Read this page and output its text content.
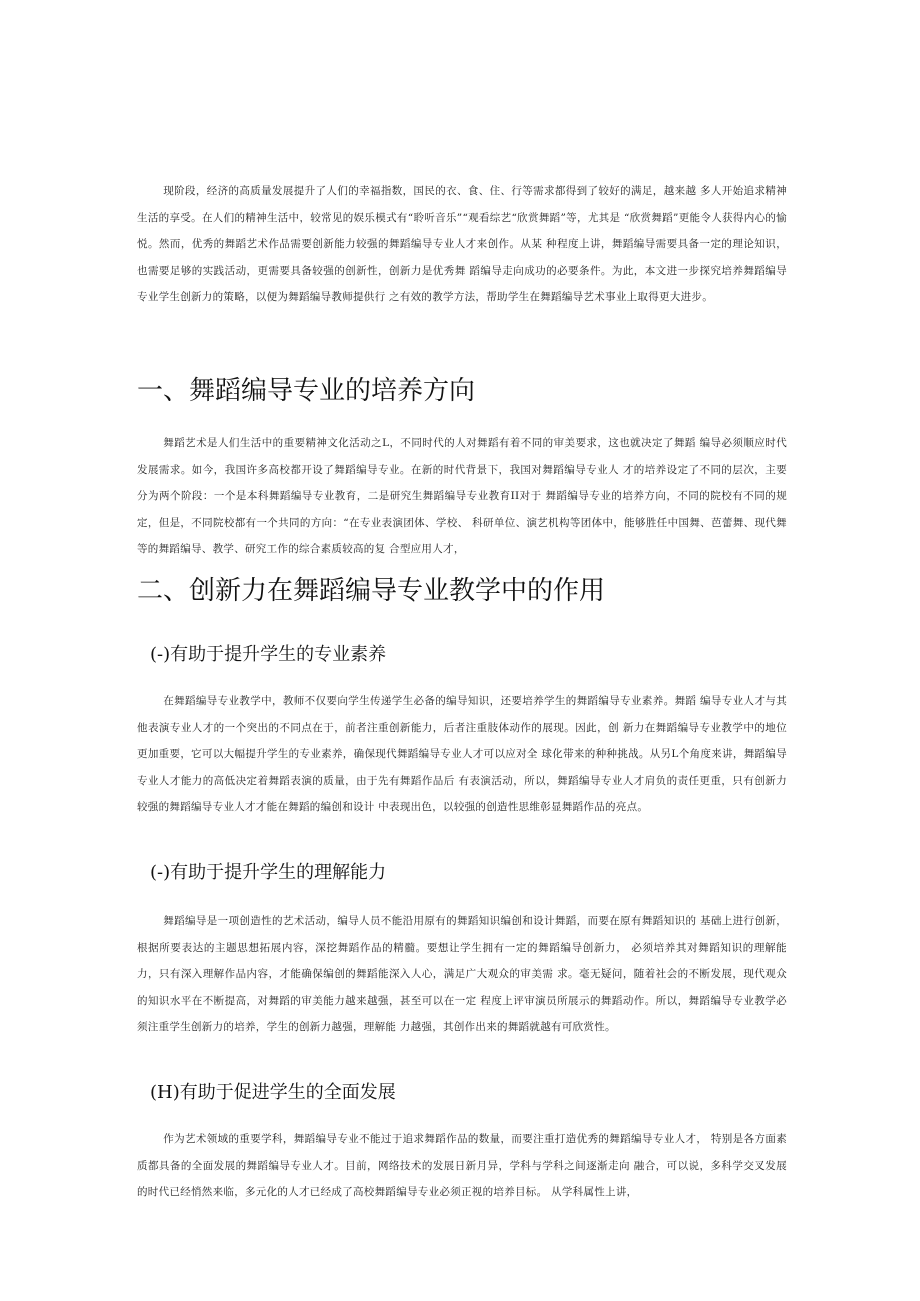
现阶段，经济的高质量发展提升了人们的幸福指数，国民的衣、食、住、行等需求都得到了较好的满足，越来越 多人开始追求精神生活的享受。在人们的精神生活中，较常见的娱乐模式有“聆听音乐”“观看综艺“欣赏舞蹈”等，尤其是 “欣赏舞蹈”更能令人获得内心的愉悦。然而，优秀的舞蹈艺术作品需要创新能力较强的舞蹈编导专业人才来创作。从某 种程度上讲，舞蹈编导需要具备一定的理论知识，也需要足够的实践活动，更需要具备较强的创新性，创新力是优秀舞 蹈编导走向成功的必要条件。为此，本文进一步探究培养舞蹈编导专业学生创新力的策略，以便为舞蹈编导教师提供行 之有效的教学方法，帮助学生在舞蹈编导艺术事业上取得更大进步。

一、舞蹈编导专业的培养方向

舞蹈艺术是人们生活中的重要精神文化活动之L，不同时代的人对舞蹈有着不同的审美要求，这也就决定了舞蹈 编导必须顺应时代发展需求。如今，我国许多高校都开设了舞蹈编导专业。在新的时代背景下，我国对舞蹈编导专业人 才的培养设定了不同的层次，主要分为两个阶段：一个是本科舞蹈编导专业教育，二是研究生舞蹈编导专业教育II对于 舞蹈编导专业的培养方向，不同的院校有不同的规定，但是，不同院校都有一个共同的方向：“在专业表演团体、学校、 科研单位、演艺机构等团体中，能够胜任中国舞、芭蕾舞、现代舞等的舞蹈编导、教学、研究工作的综合素质较高的复 合型应用人才，

二、创新力在舞蹈编导专业教学中的作用
(-)有助于提升学生的专业素养

在舞蹈编导专业教学中，教师不仅要向学生传递学生必备的编导知识，还要培养学生的舞蹈编导专业素养。舞蹈 编导专业人才与其他表演专业人才的一个突出的不同点在于，前者注重创新能力，后者注重肢体动作的展现。因此，创 新力在舞蹈编导专业教学中的地位更加重要，它可以大幅提升学生的专业素养，确保现代舞蹈编导专业人才可以应对全 球化带来的种种挑战。从另L个角度来讲，舞蹈编导专业人才能力的高低决定着舞蹈表演的质量，由于先有舞蹈作品后 有表演活动，所以，舞蹈编导专业人才肩负的责任更重，只有创新力较强的舞蹈编导专业人才才能在舞蹈的编创和设计 中表现出色，以较强的创造性思维彰显舞蹈作品的亮点。

(-)有助于提升学生的理解能力

舞蹈编导是一项创造性的艺术活动，编导人员不能沿用原有的舞蹈知识编创和设计舞蹈，而要在原有舞蹈知识的 基础上进行创新，根据所要表达的主题思想拓展内容，深挖舞蹈作品的精髓。要想让学生拥有一定的舞蹈编导创新力， 必须培养其对舞蹈知识的理解能力，只有深入理解作品内容，才能确保编创的舞蹈能深入人心，满足广大观众的审美需 求。毫无疑问，随着社会的不断发展，现代观众的知识水平在不断提高，对舞蹈的审美能力越来越强，甚至可以在一定 程度上评审演员所展示的舞蹈动作。所以，舞蹈编导专业教学必须注重学生创新力的培养，学生的创新力越强，理解能 力越强，其创作出来的舞蹈就越有可欣赏性。

(H)有助于促进学生的全面发展

作为艺术领域的重要学科，舞蹈编导专业不能过于追求舞蹈作品的数量，而要注重打造优秀的舞蹈编导专业人才， 特别是各方面素质都具备的全面发展的舞蹈编导专业人才。目前，网络技术的发展日新月异，学科与学科之间逐渐走向 融合，可以说，多科学交叉发展的时代已经悄然来临，多元化的人才已经成了高校舞蹈编导专业必须正视的培养目标。 从学科属性上讲，
